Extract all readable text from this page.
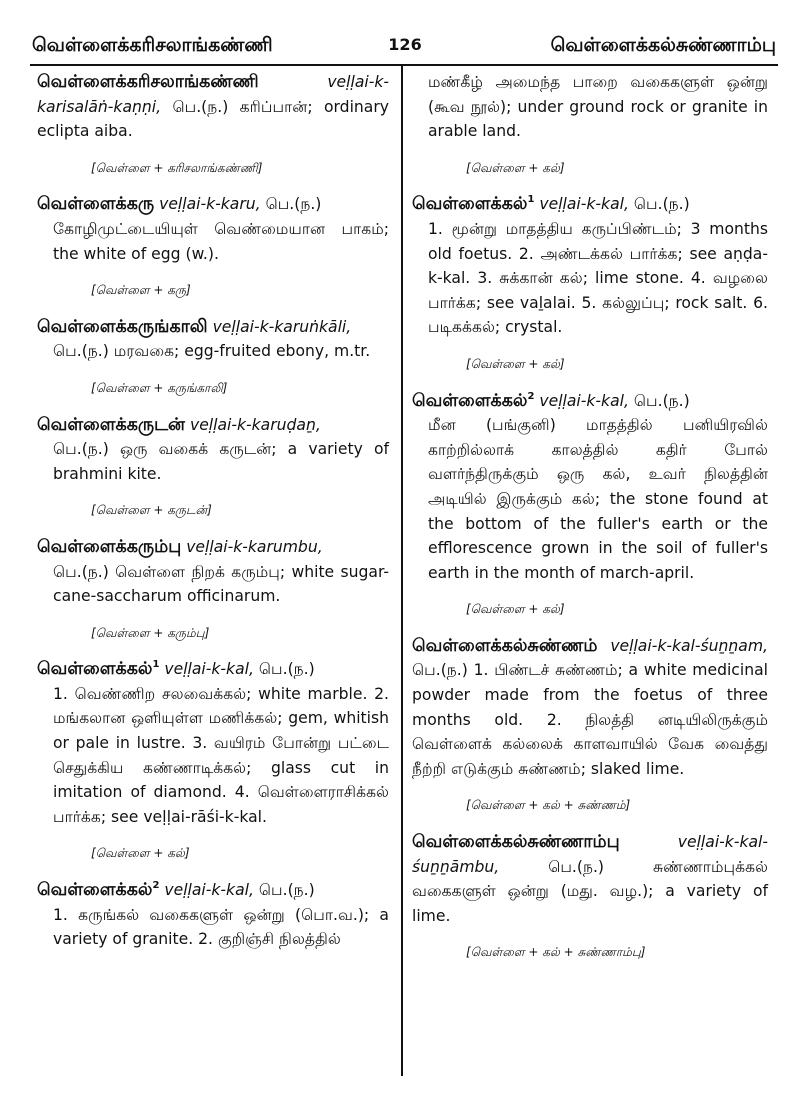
வெள்ளைக்கரிசலாங்கண்ணி	126	வெள்ளைக்கல்சுண்ணாம்பு
வெள்ளைக்கரிசலாங்கண்ணி	veḷḷai-k-karisalāṅ-kaṇṇi, பெ.(ந.) கரிப்பான்; ordinary eclipta aiba.
[வெள்ளை + கரிசலாங்கண்ணி]
வெள்ளைக்கரு veḷḷai-k-karu, பெ.(ந.)
கோழிமுட்டையியுள் வெண்மையான பாகம்; the white of egg (w.).
[வெள்ளை + கரு]
வெள்ளைக்கருங்காலி veḷḷai-k-karuṅkāli,
பெ.(ந.) மரவகை; egg-fruited ebony, m.tr.
[வெள்ளை + கருங்காலி]
வெள்ளைக்கருடன் veḷḷai-k-karuḍaṉ,
பெ.(ந.) ஒரு வகைக் கருடன்; a variety of brahmini kite.
[வெள்ளை + கருடன்]
வெள்ளைக்கரும்பு veḷḷai-k-karumbu,
பெ.(ந.) வெள்ளை நிறக் கரும்பு; white sugar-cane-saccharum officinarum.
[வெள்ளை + கரும்பு]
வெள்ளைக்கல்$^1$ veḷḷai-k-kal, பெ.(ந.)
1. வெண்ணிற சலவைக்கல்; white marble. 2. மங்கலான ஒளியுள்ள மணிக்கல்; gem, whitish or pale in lustre. 3. வயிரம் போன்று பட்டை செதுக்கிய கண்ணாடிக்கல்; glass cut in imitation of diamond. 4. வெள்ளைராசிக்கல் பார்க்க; see veḷḷai-rāśi-k-kal.
[வெள்ளை + கல்]
வெள்ளைக்கல்$^2$ veḷḷai-k-kal, பெ.(ந.)
1. கருங்கல் வகைகளுள் ஒன்று (பொ.வ.); a variety of granite. 2. குறிஞ்சி நிலத்தில்
மண்கீழ் அமைந்த பாறை வகைகளுள் ஒன்று (கூவ நூல்); under ground rock or granite in arable land.
[வெள்ளை + கல்]
வெள்ளைக்கல்$^1$ veḷḷai-k-kal, பெ.(ந.)
1. மூன்று மாதத்திய கருப்பிண்டம்; 3 months old foetus. 2. அண்டக்கல் பார்க்க; see aṇḍa-k-kal. 3. சுக்கான் கல்; lime stone. 4. வழலை பார்க்க; see vaḻalai. 5. கல்லுப்பு; rock salt. 6. படிகக்கல்; crystal.
[வெள்ளை + கல்]
வெள்ளைக்கல்$^2$ veḷḷai-k-kal, பெ.(ந.)
மீன (பங்குனி) மாதத்தில் பனியிரவில் காற்றில்லாக் காலத்தில் கதிர் போல் வளர்ந்திருக்கும் ஒரு கல், உவர் நிலத்தின் அடியில் இருக்கும் கல்; the stone found at the bottom of the fuller's earth or the efflorescence grown in the soil of fuller's earth in the month of march-april.
[வெள்ளை + கல்]
வெள்ளைக்கல்சுண்ணம் veḷḷai-k-kal-śuṉṉam, பெ.(ந.) 1. பிண்டச் சுண்ணம்; a white medicinal powder made from the foetus of three months old. 2. நிலத்தி னடியிலிருக்கும் வெள்ளைக் கல்லைக் காளவாயில் வேக வைத்து நீற்றி எடுக்கும் சுண்ணம்; slaked lime.
[வெள்ளை + கல் + சுண்ணம்]
வெள்ளைக்கல்சுண்ணாம்பு	veḷḷai-k-kal-śuṉṉāmbu,	பெ.(ந.)	சுண்ணாம்புக்கல் வகைகளுள் ஒன்று (மது. வழ.); a variety of lime.
[வெள்ளை + கல் + சுண்ணாம்பு]
